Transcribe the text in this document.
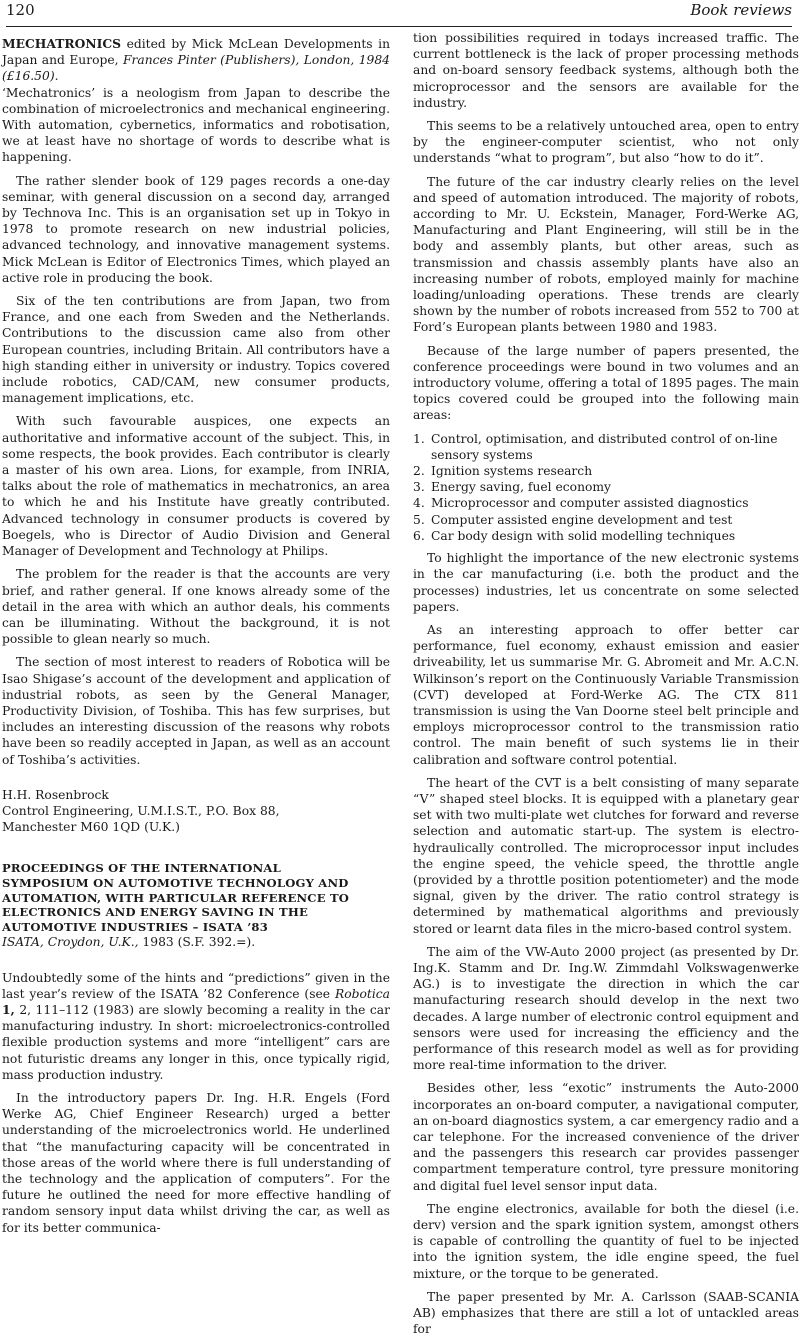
120	Book reviews

MECHATRONICS edited by Mick McLean Developments in Japan and Europe, Frances Pinter (Publishers), London, 1984 (£16.50).

‘Mechatronics’ is a neologism from Japan to describe the combination of microelectronics and mechanical engineering. With automation, cybernetics, informatics and robotisation, we at least have no shortage of words to describe what is happening.

The rather slender book of 129 pages records a one-day seminar, with general discussion on a second day, arranged by Technova Inc. This is an organisation set up in Tokyo in 1978 to promote research on new industrial policies, advanced technology, and innovative management systems. Mick McLean is Editor of Electronics Times, which played an active role in producing the book.

Six of the ten contributions are from Japan, two from France, and one each from Sweden and the Netherlands. Contributions to the discussion came also from other European countries, including Britain. All contributors have a high standing either in university or industry. Topics covered include robotics, CAD/CAM, new consumer products, management implications, etc.

With such favourable auspices, one expects an authoritative and informative account of the subject. This, in some respects, the book provides. Each contributor is clearly a master of his own area. Lions, for example, from INRIA, talks about the role of mathematics in mechatronics, an area to which he and his Institute have greatly contributed. Advanced technology in consumer products is covered by Boegels, who is Director of Audio Division and General Manager of Development and Technology at Philips.

The problem for the reader is that the accounts are very brief, and rather general. If one knows already some of the detail in the area with which an author deals, his comments can be illuminating. Without the background, it is not possible to glean nearly so much.

The section of most interest to readers of Robotica will be Isao Shigase’s account of the development and application of industrial robots, as seen by the General Manager, Productivity Division, of Toshiba. This has few surprises, but includes an interesting discussion of the reasons why robots have been so readily accepted in Japan, as well as an account of Toshiba’s activities.

H.H. Rosenbrock

Control Engineering, U.M.I.S.T., P.O. Box 88,

Manchester M60 1QD (U.K.)

PROCEEDINGS OF THE INTERNATIONAL
SYMPOSIUM ON AUTOMOTIVE TECHNOLOGY AND
AUTOMATION, WITH PARTICULAR REFERENCE TO
ELECTRONICS AND ENERGY SAVING IN THE
AUTOMOTIVE INDUSTRIES – ISATA ’83

ISATA, Croydon, U.K., 1983 (S.F. 392.=).

Undoubtedly some of the hints and “predictions” given in the last year’s review of the ISATA ’82 Conference (see Robotica 1, 2, 111–112 (1983) are slowly becoming a reality in the car manufacturing industry. In short: microelectronics-controlled flexible production systems and more “intelligent” cars are not futuristic dreams any longer in this, once typically rigid, mass production industry.

In the introductory papers Dr. Ing. H.R. Engels (Ford Werke AG, Chief Engineer Research) urged a better understanding of the microelectronics world. He underlined that “the manufacturing capacity will be concentrated in those areas of the world where there is full understanding of the technology and the application of computers”. For the future he outlined the need for more effective handling of random sensory input data whilst driving the car, as well as for its better communica-

tion possibilities required in todays increased traffic. The current bottleneck is the lack of proper processing methods and on-board sensory feedback systems, although both the microprocessor and the sensors are available for the industry.

This seems to be a relatively untouched area, open to entry by the engineer-computer scientist, who not only understands “what to program”, but also “how to do it”.

The future of the car industry clearly relies on the level and speed of automation introduced. The majority of robots, according to Mr. U. Eckstein, Manager, Ford-Werke AG, Manufacturing and Plant Engineering, will still be in the body and assembly plants, but other areas, such as transmission and chassis assembly plants have also an increasing number of robots, employed mainly for machine loading/unloading operations. These trends are clearly shown by the number of robots increased from 552 to 700 at Ford’s European plants between 1980 and 1983.

Because of the large number of papers presented, the conference proceedings were bound in two volumes and an introductory volume, offering a total of 1895 pages. The main topics covered could be grouped into the following main areas:

1. Control, optimisation, and distributed control of on-line sensory systems
2. Ignition systems research
3. Energy saving, fuel economy
4. Microprocessor and computer assisted diagnostics
5. Computer assisted engine development and test
6. Car body design with solid modelling techniques

To highlight the importance of the new electronic systems in the car manufacturing (i.e. both the product and the processes) industries, let us concentrate on some selected papers.

As an interesting approach to offer better car performance, fuel economy, exhaust emission and easier driveability, let us summarise Mr. G. Abromeit and Mr. A.C.N. Wilkinson’s report on the Continuously Variable Transmission (CVT) developed at Ford-Werke AG. The CTX 811 transmission is using the Van Doorne steel belt principle and employs microprocessor control to the transmission ratio control. The main benefit of such systems lie in their calibration and software control potential.

The heart of the CVT is a belt consisting of many separate “V” shaped steel blocks. It is equipped with a planetary gear set with two multi-plate wet clutches for forward and reverse selection and automatic start-up. The system is electro-hydraulically controlled. The microprocessor input includes the engine speed, the vehicle speed, the throttle angle (provided by a throttle position potentiometer) and the mode signal, given by the driver. The ratio control strategy is determined by mathematical algorithms and previously stored or learnt data files in the micro-based control system.

The aim of the VW-Auto 2000 project (as presented by Dr. Ing.K. Stamm and Dr. Ing.W. Zimmdahl Volkswagenwerke AG.) is to investigate the direction in which the car manufacturing research should develop in the next two decades. A large number of electronic control equipment and sensors were used for increasing the efficiency and the performance of this research model as well as for providing more real-time information to the driver.

Besides other, less “exotic” instruments the Auto-2000 incorporates an on-board computer, a navigational computer, an on-board diagnostics system, a car emergency radio and a car telephone. For the increased convenience of the driver and the passengers this research car provides passenger compartment temperature control, tyre pressure monitoring and digital fuel level sensor input data.

The engine electronics, available for both the diesel (i.e. derv) version and the spark ignition system, amongst others is capable of controlling the quantity of fuel to be injected into the ignition system, the idle engine speed, the fuel mixture, or the torque to be generated.

The paper presented by Mr. A. Carlsson (SAAB-SCANIA AB) emphasizes that there are still a lot of untackled areas for
